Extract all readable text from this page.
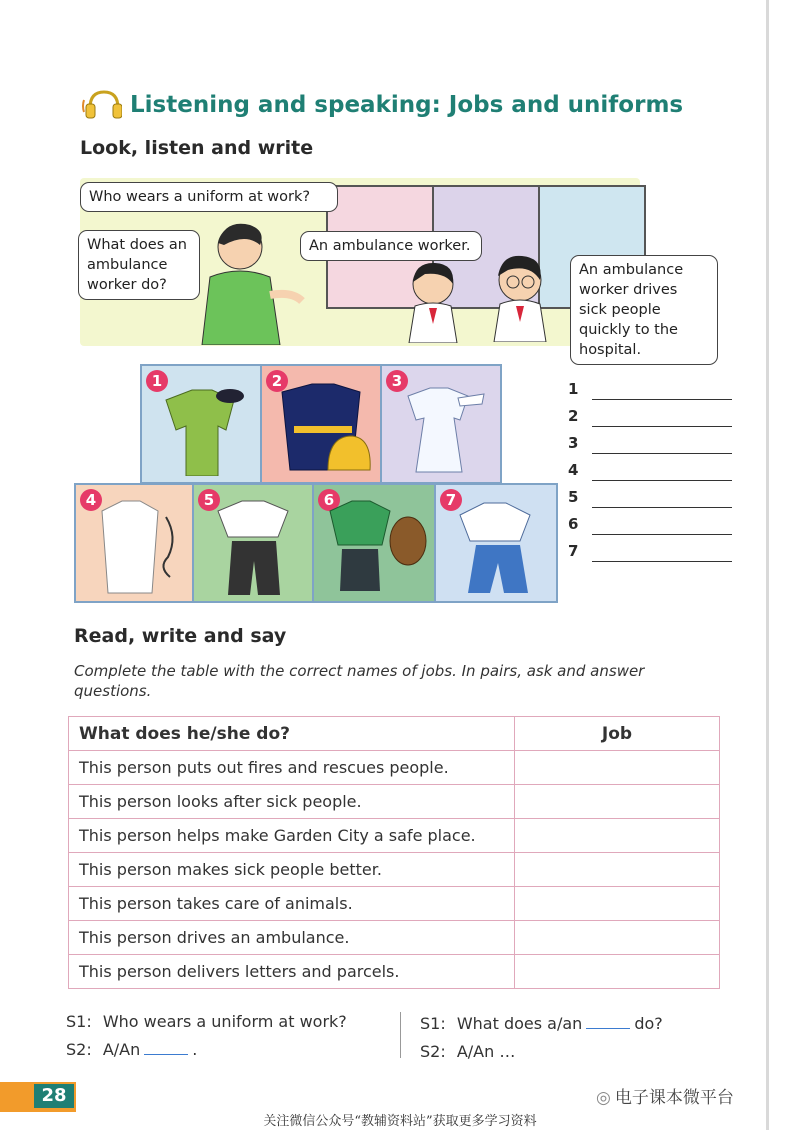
Listening and speaking: Jobs and uniforms
Look, listen and write
Who wears a uniform at work?
What does an ambulance worker do?
An ambulance worker.
An ambulance worker drives sick people quickly to the hospital.
1	2	3
4	5	6	7
1
2
3
4
5
6
7
Read, write and say
Complete the table with the correct names of jobs. In pairs, ask and answer questions.
What does he/she do?	Job
This person puts out fires and rescues people.	
This person looks after sick people.	
This person helps make Garden City a safe place.	
This person makes sick people better.	
This person takes care of animals.	
This person drives an ambulance.	
This person delivers letters and parcels.	
S1: Who wears a uniform at work?
S2: A/An	.
S1: What does a/an	do?
S2: A/An …
28	◎ 电子课本微平台
关注微信公众号“教辅资料站”获取更多学习资料
